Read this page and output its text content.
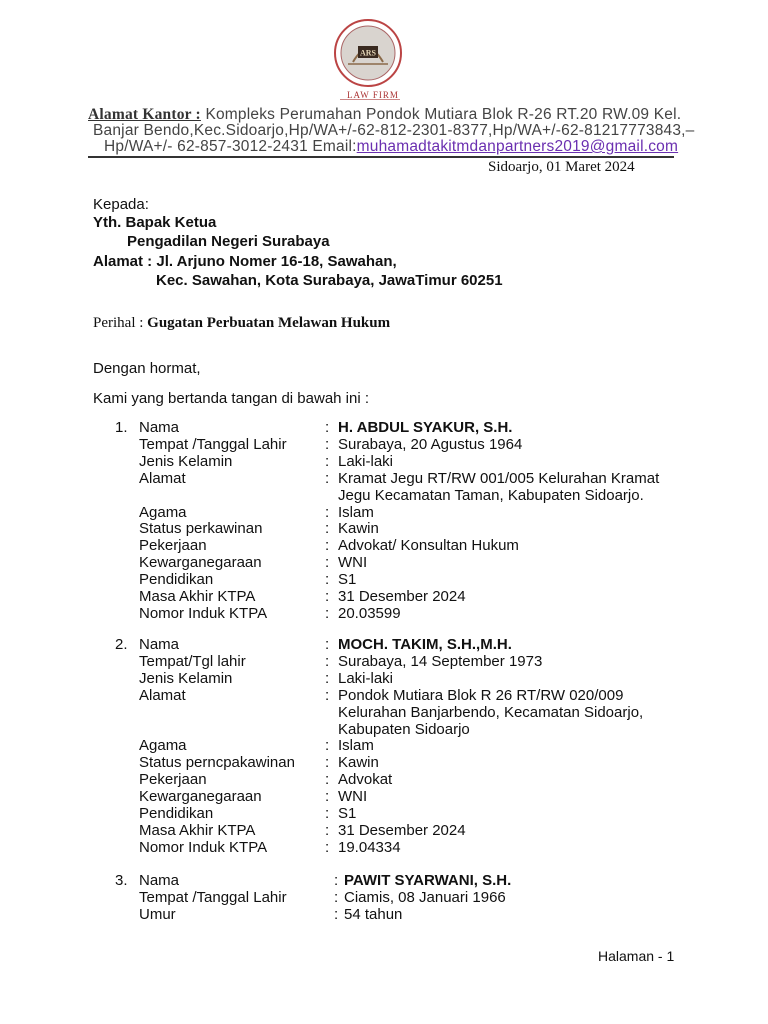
ARS
LAW FIRM
Alamat Kantor : Kompleks Perumahan Pondok Mutiara Blok R-26 RT.20 RW.09 Kel.
Banjar Bendo,Kec.Sidoarjo,Hp/WA+/-62-812-2301-8377,Hp/WA+/-62-81217773843,–
Hp/WA+/- 62-857-3012-2431 Email:muhamadtakitmdanpartners2019@gmail.com
Sidoarjo, 01 Maret 2024
Kepada:
Yth. Bapak Ketua
Pengadilan Negeri Surabaya
Alamat : Jl. Arjuno Nomer 16-18, Sawahan,
Kec. Sawahan, Kota Surabaya, JawaTimur 60251
Perihal : Gugatan Perbuatan Melawan Hukum
Dengan hormat,
Kami yang bertanda tangan di bawah ini :
1. Nama	: H. ABDUL SYAKUR, S.H.
Tempat /Tanggal Lahir	: Surabaya, 20 Agustus 1964
Jenis Kelamin	: Laki-laki
Alamat	: Kramat Jegu RT/RW 001/005 Kelurahan Kramat
Jegu Kecamatan Taman, Kabupaten Sidoarjo.
Agama	: Islam
Status perkawinan	: Kawin
Pekerjaan	: Advokat/ Konsultan Hukum
Kewarganegaraan	: WNI
Pendidikan	: S1
Masa Akhir KTPA	: 31 Desember 2024
Nomor Induk KTPA	: 20.03599
2. Nama	: MOCH. TAKIM, S.H.,M.H.
Tempat/Tgl lahir	: Surabaya, 14 September 1973
Jenis Kelamin	: Laki-laki
Alamat	: Pondok Mutiara Blok R 26 RT/RW 020/009
Kelurahan Banjarbendo, Kecamatan Sidoarjo,
Kabupaten Sidoarjo
Agama	: Islam
Status perncpakawinan : Kawin
Pekerjaan	: Advokat
Kewarganegaraan	: WNI
Pendidikan	: S1
Masa Akhir KTPA	: 31 Desember 2024
Nomor Induk KTPA	: 19.04334
3. Nama	: PAWIT SYARWANI, S.H.
Tempat /Tanggal Lahir	: Ciamis, 08 Januari 1966
Umur	: 54 tahun
Halaman - 1
